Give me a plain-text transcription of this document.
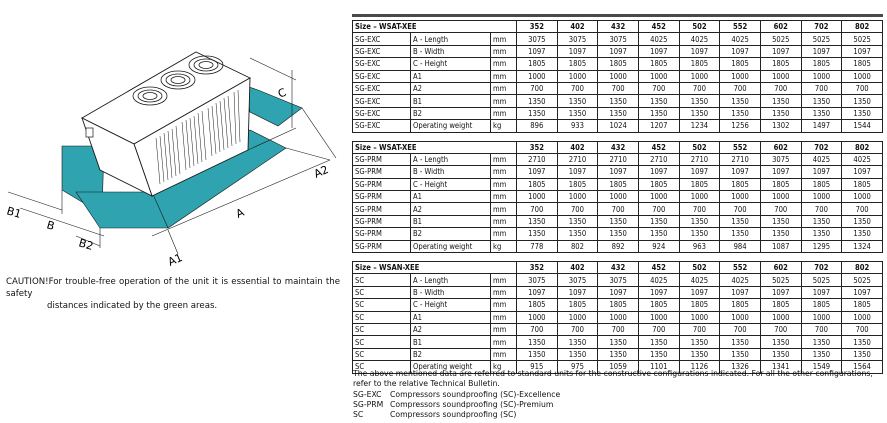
B1
B
B2
A
A1
A2
C
CAUTION!For trouble-free operation of the unit it is essential to maintain the safety
distances indicated by the green areas.
Size – WSAT-XEE			352	402	432	452	502	552	602	702	802
SG-EXC	A - Length	mm	3075	3075	3075	4025	4025	4025	5025	5025	5025
SG-EXC	B - Width	mm	1097	1097	1097	1097	1097	1097	1097	1097	1097
SG-EXC	C - Height	mm	1805	1805	1805	1805	1805	1805	1805	1805	1805
SG-EXC	A1	mm	1000	1000	1000	1000	1000	1000	1000	1000	1000
SG-EXC	A2	mm	700	700	700	700	700	700	700	700	700
SG-EXC	B1	mm	1350	1350	1350	1350	1350	1350	1350	1350	1350
SG-EXC	B2	mm	1350	1350	1350	1350	1350	1350	1350	1350	1350
SG-EXC	Operating weight	kg	896	933	1024	1207	1234	1256	1302	1497	1544
Size – WSAT-XEE			352	402	432	452	502	552	602	702	802
SG-PRM	A - Length	mm	2710	2710	2710	2710	2710	2710	3075	4025	4025
SG-PRM	B - Width	mm	1097	1097	1097	1097	1097	1097	1097	1097	1097
SG-PRM	C - Height	mm	1805	1805	1805	1805	1805	1805	1805	1805	1805
SG-PRM	A1	mm	1000	1000	1000	1000	1000	1000	1000	1000	1000
SG-PRM	A2	mm	700	700	700	700	700	700	700	700	700
SG-PRM	B1	mm	1350	1350	1350	1350	1350	1350	1350	1350	1350
SG-PRM	B2	mm	1350	1350	1350	1350	1350	1350	1350	1350	1350
SG-PRM	Operating weight	kg	778	802	892	924	963	984	1087	1295	1324
Size – WSAN-XEE			352	402	432	452	502	552	602	702	802
SC	A - Length	mm	3075	3075	3075	4025	4025	4025	5025	5025	5025
SC	B - Width	mm	1097	1097	1097	1097	1097	1097	1097	1097	1097
SC	C - Height	mm	1805	1805	1805	1805	1805	1805	1805	1805	1805
SC	A1	mm	1000	1000	1000	1000	1000	1000	1000	1000	1000
SC	A2	mm	700	700	700	700	700	700	700	700	700
SC	B1	mm	1350	1350	1350	1350	1350	1350	1350	1350	1350
SC	B2	mm	1350	1350	1350	1350	1350	1350	1350	1350	1350
SC	Operating weight	kg	915	975	1059	1101	1126	1326	1341	1549	1564
The above mentioned data are referred to standard units for the constructive configurations indicated. For all the other configurations, refer to the relative Technical Bulletin.
SG-EXC Compressors soundproofing (SC)-Excellence
SG-PRM Compressors soundproofing (SC)-Premium
SC	Compressors soundproofing (SC)
